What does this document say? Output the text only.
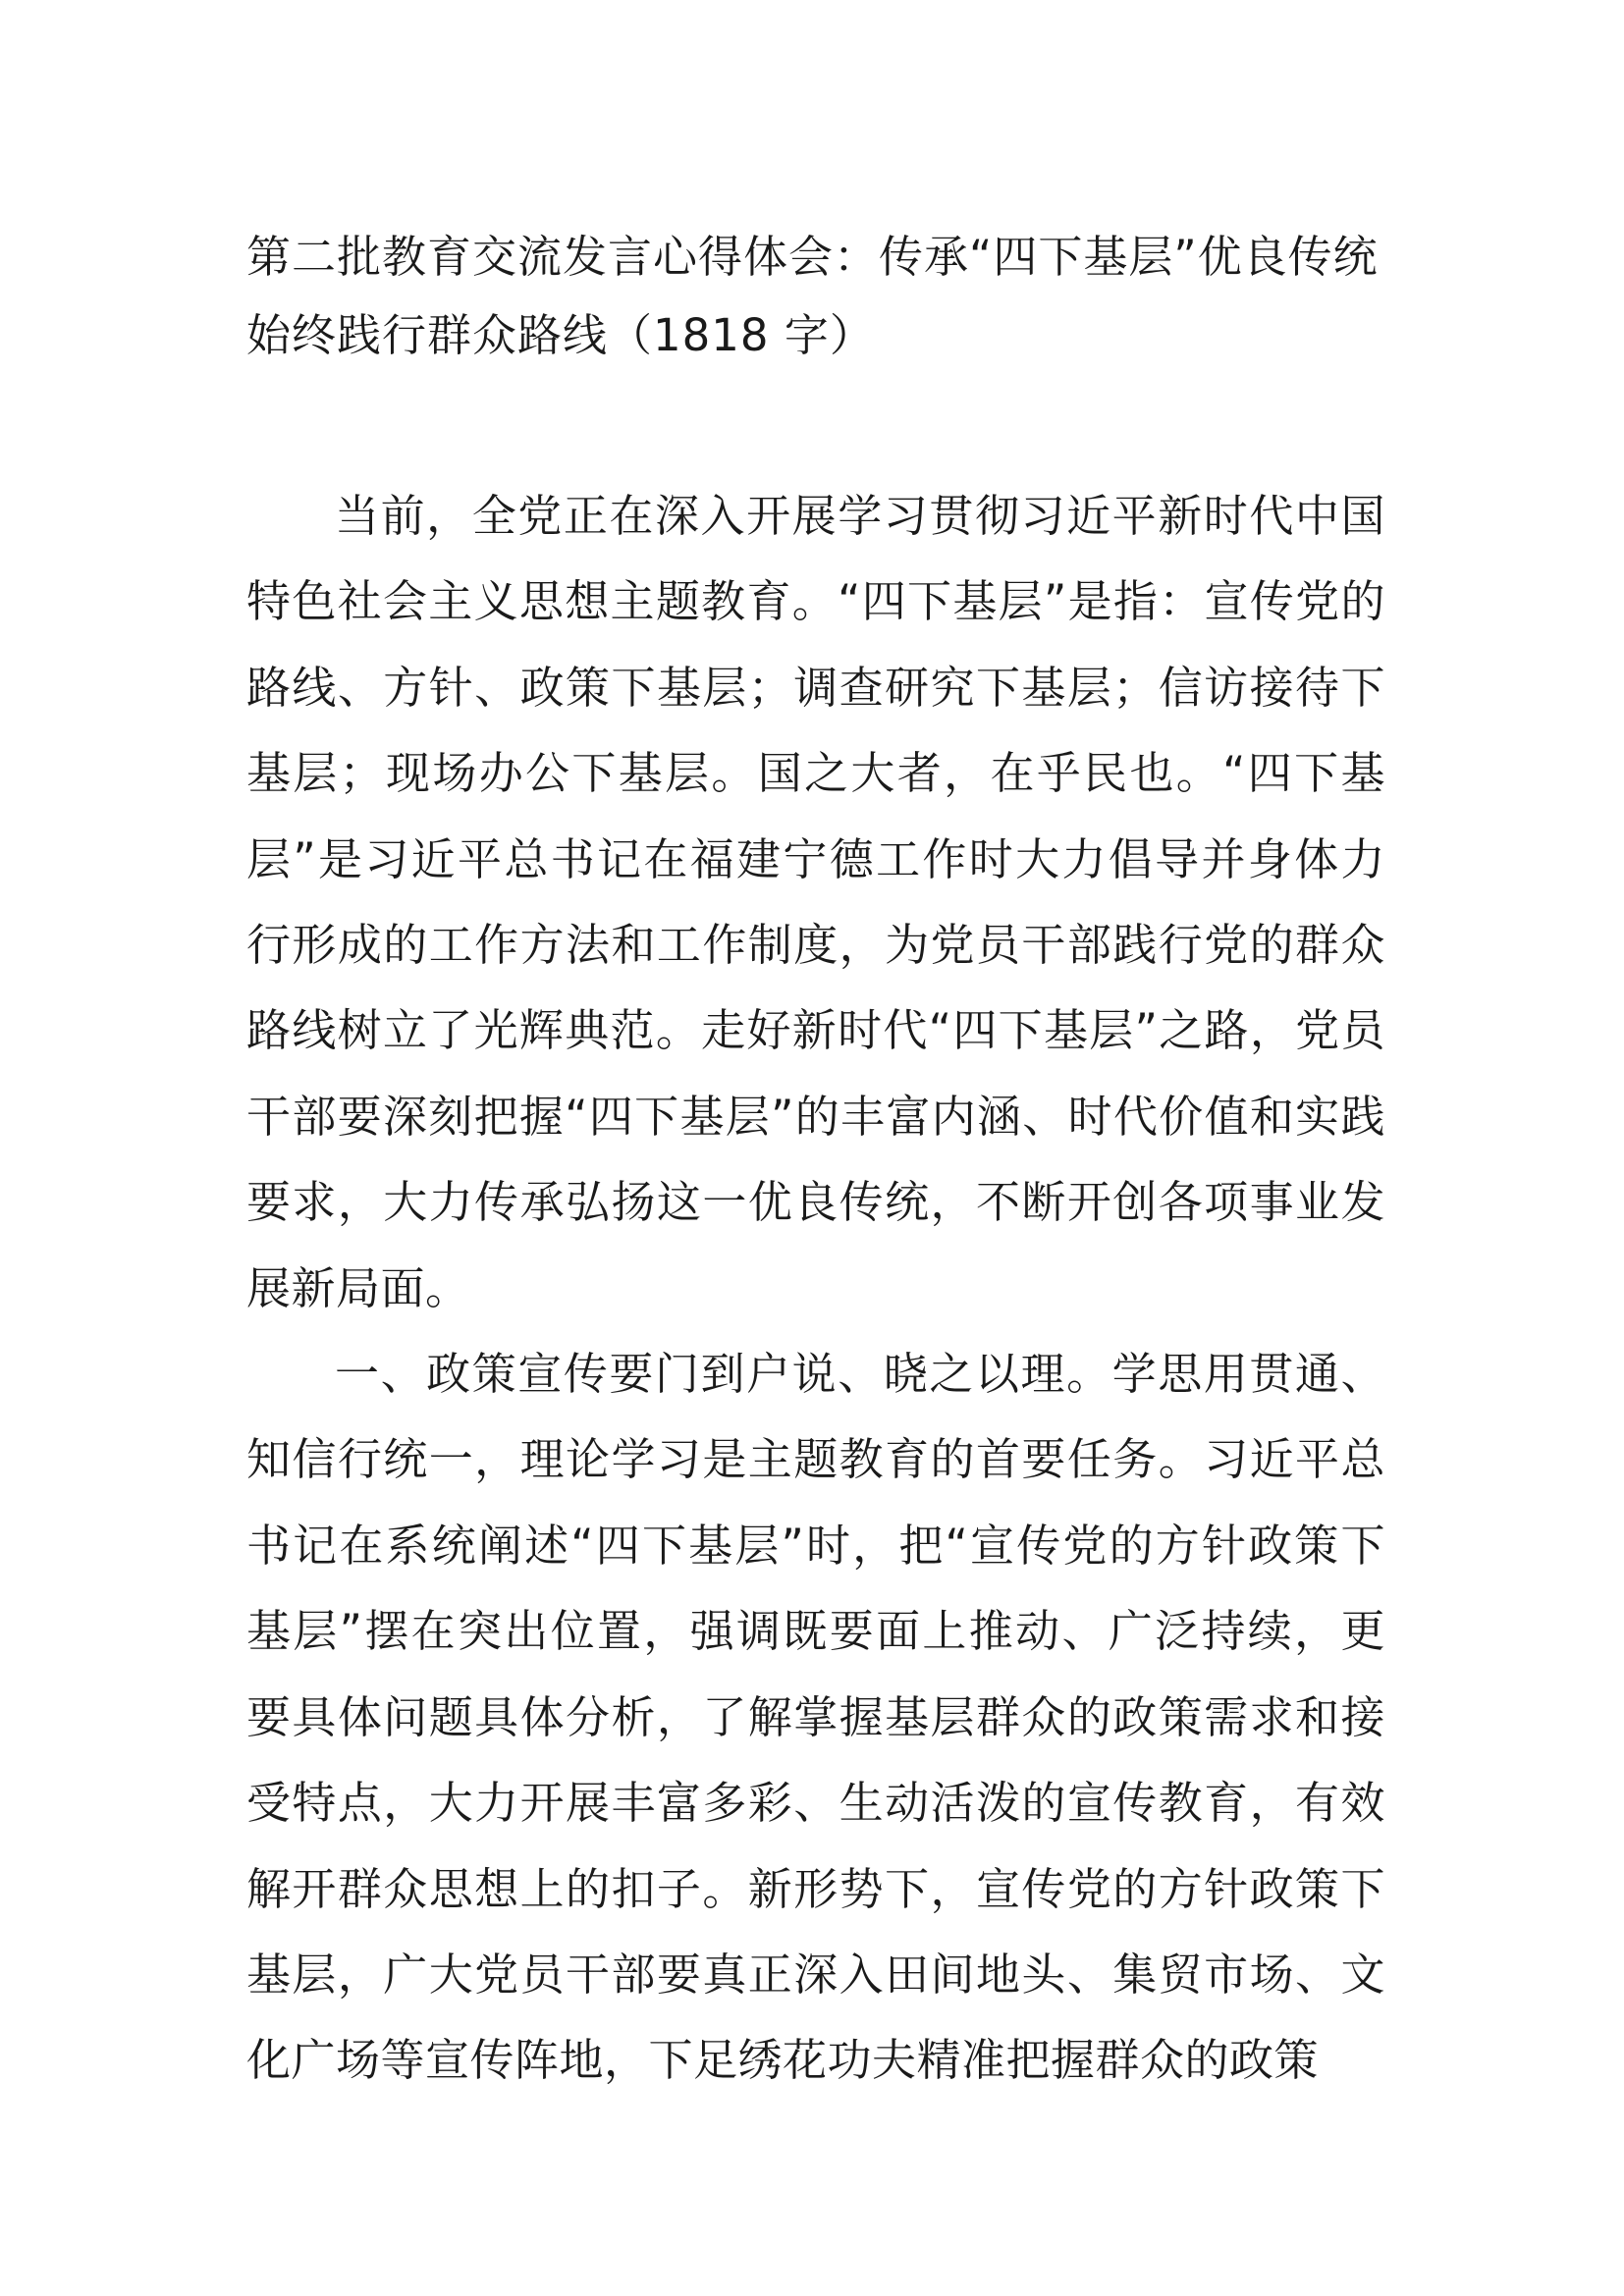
第二批教育交流发言心得体会：传承“四下基层”优良传统始终践行群众路线（1818 字）

当前，全党正在深入开展学习贯彻习近平新时代中国特色社会主义思想主题教育。“四下基层”是指：宣传党的路线、方针、政策下基层；调查研究下基层；信访接待下基层；现场办公下基层。国之大者，在乎民也。“四下基层”是习近平总书记在福建宁德工作时大力倡导并身体力行形成的工作方法和工作制度，为党员干部践行党的群众路线树立了光辉典范。走好新时代“四下基层”之路，党员干部要深刻把握“四下基层”的丰富内涵、时代价值和实践要求，大力传承弘扬这一优良传统，不断开创各项事业发展新局面。

一、政策宣传要门到户说、晓之以理。学思用贯通、知信行统一，理论学习是主题教育的首要任务。习近平总书记在系统阐述“四下基层”时，把“宣传党的方针政策下基层”摆在突出位置，强调既要面上推动、广泛持续，更要具体问题具体分析，了解掌握基层群众的政策需求和接受特点，大力开展丰富多彩、生动活泼的宣传教育，有效解开群众思想上的扣子。新形势下，宣传党的方针政策下基层，广大党员干部要真正深入田间地头、集贸市场、文化广场等宣传阵地，下足绣花功夫精准把握群众的政策
